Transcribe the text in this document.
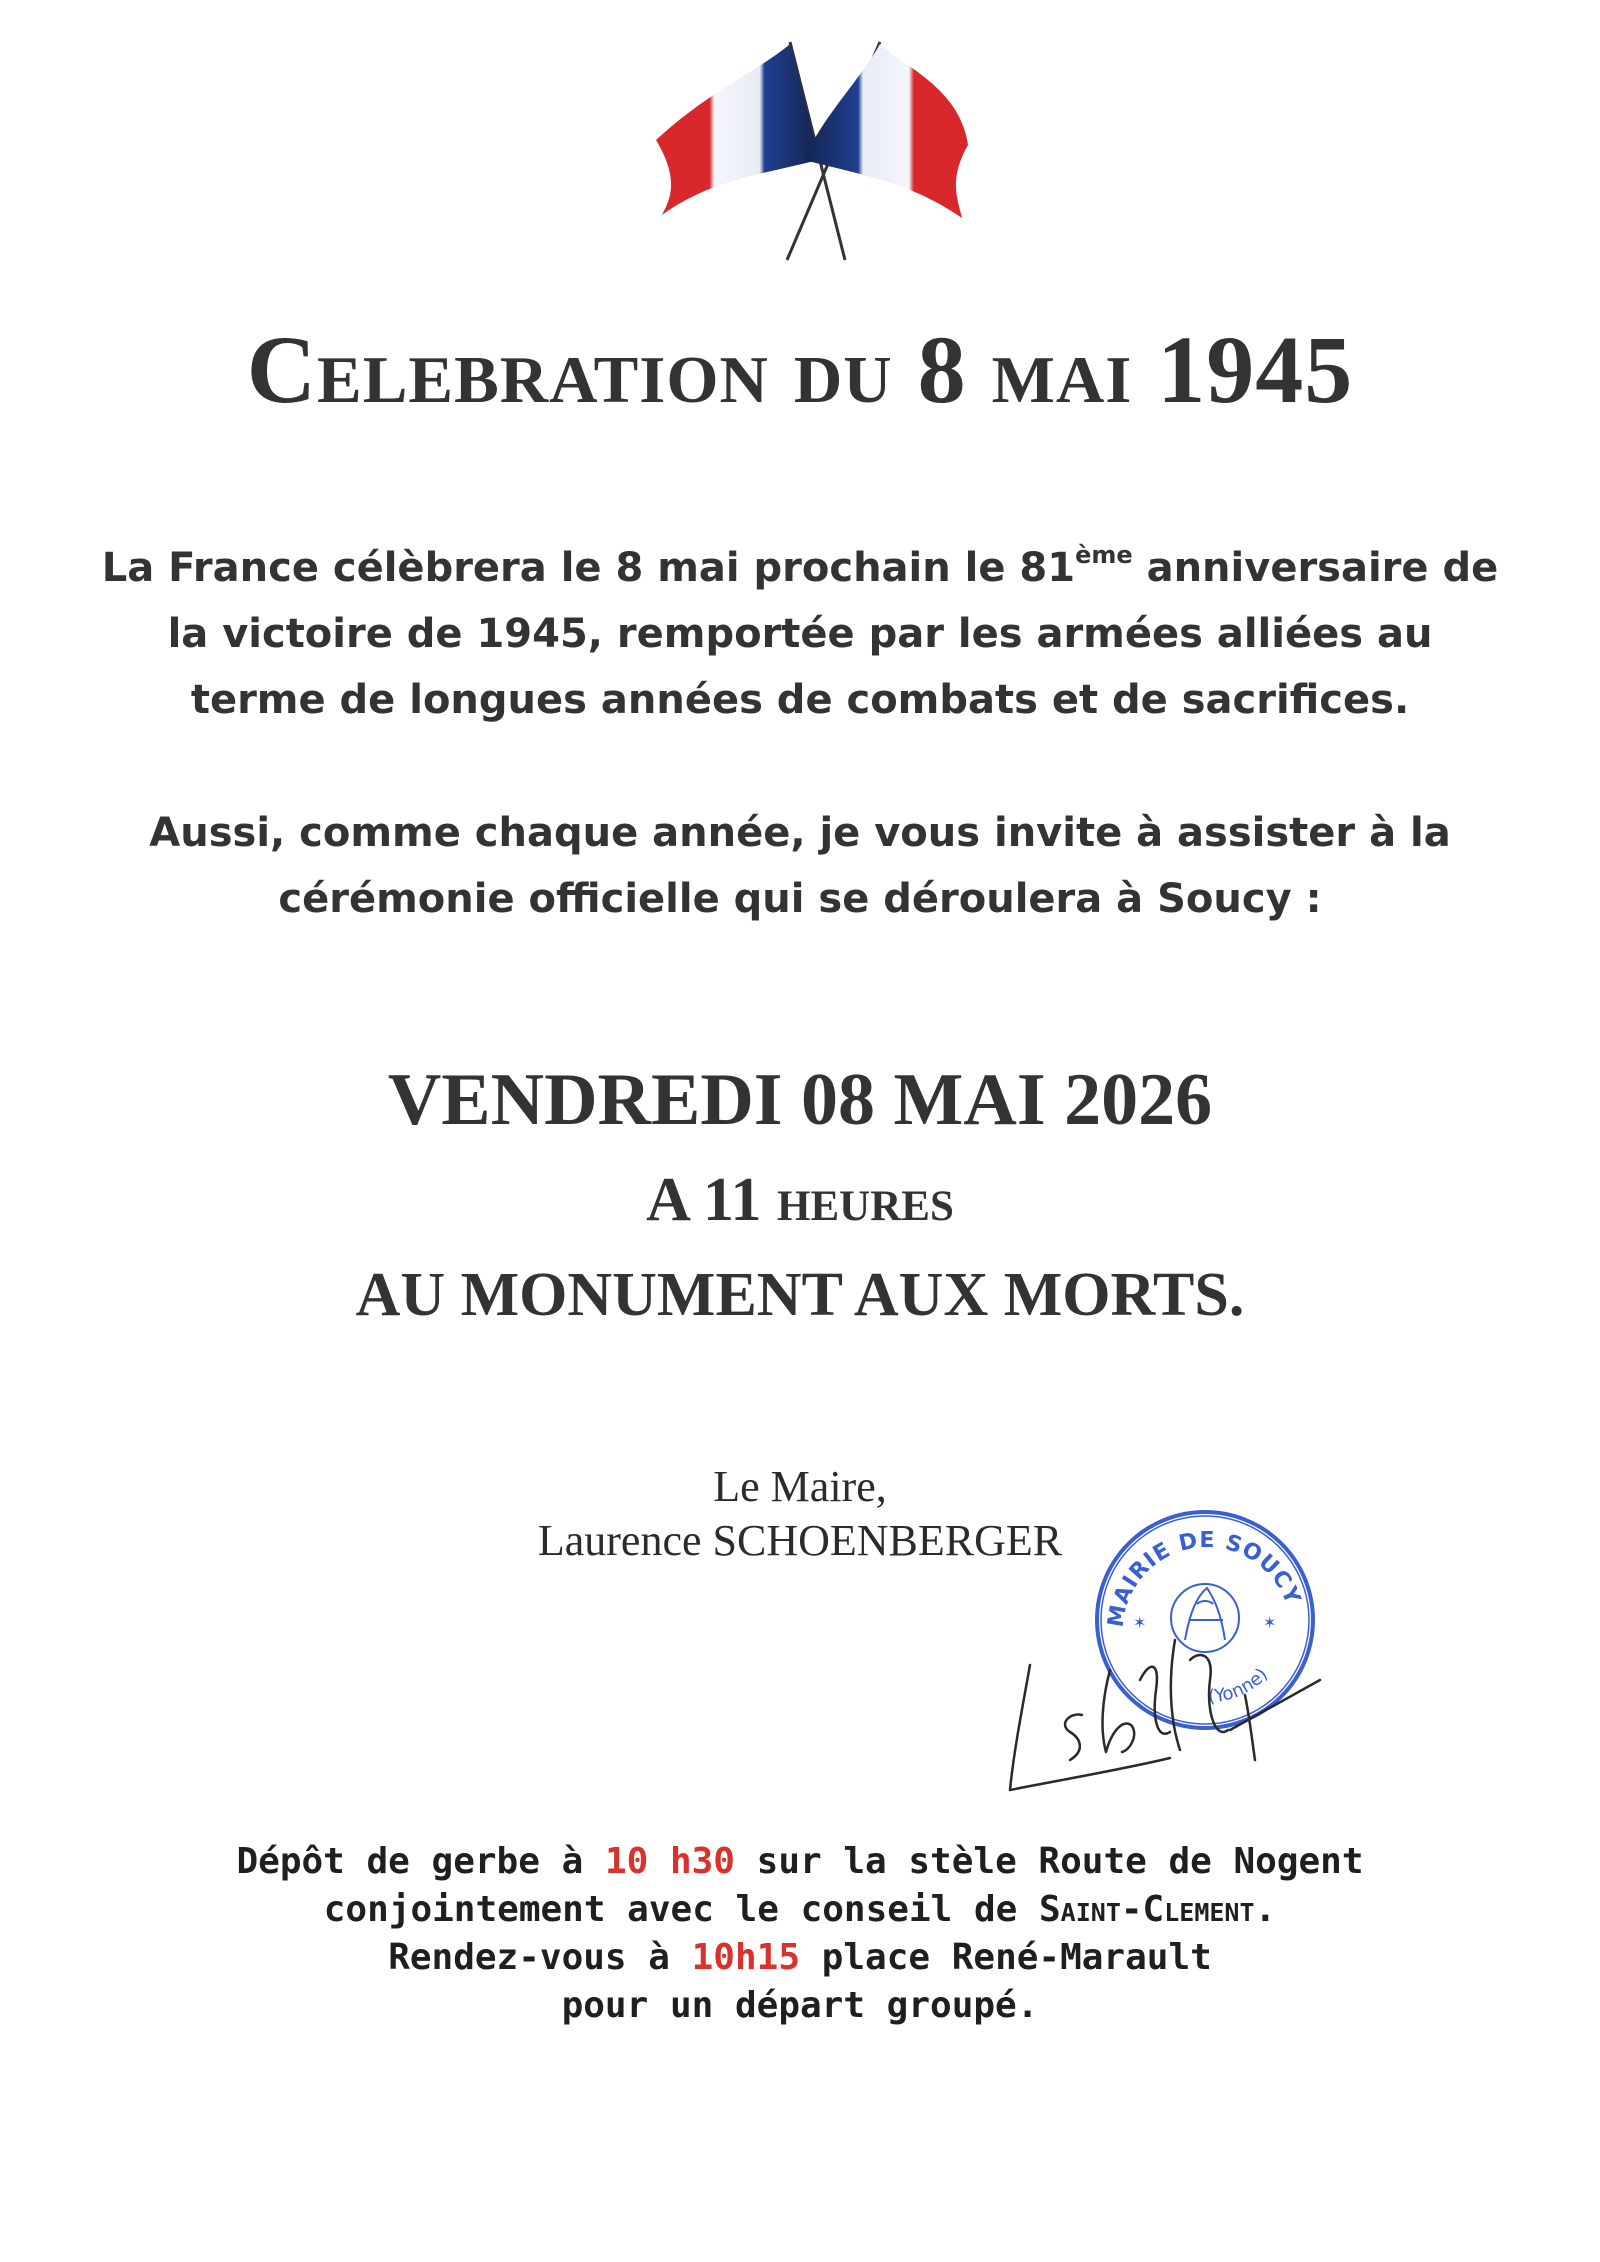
Celebration du 8 mai 1945

La France célèbrera le 8 mai prochain le 81ème anniversaire de
la victoire de 1945, remportée par les armées alliées au
terme de longues années de combats et de sacrifices.

Aussi, comme chaque année, je vous invite à assister à la
cérémonie officielle qui se déroulera à Soucy :

VENDREDI 08 MAI 2026

A 11 heures

AU MONUMENT AUX MORTS.

Le Maire,

Laurence SCHOENBERGER

MAIRIE DE SOUCY
(Yonne)
✶	✶

Dépôt de gerbe à 10 h30 sur la stèle Route de Nogent

conjointement avec le conseil de Saint-Clement.

Rendez-vous à 10h15 place René-Marault

pour un départ groupé.
